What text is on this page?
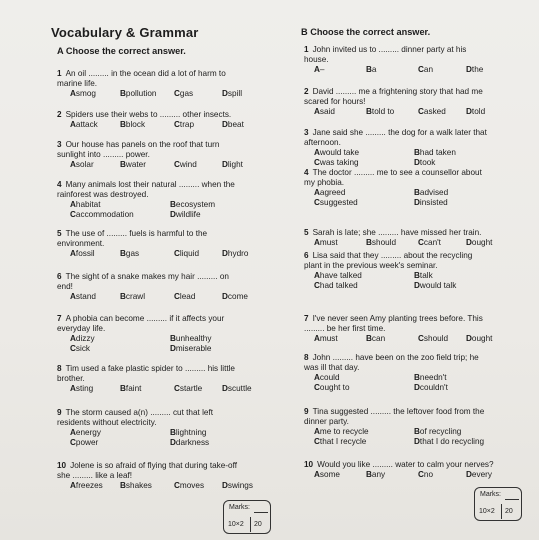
Vocabulary & Grammar
A Choose the correct answer.
B Choose the correct answer.
1 An oil ......... in the ocean did a lot of harm to
marine life.
Asmog	Bpollution Cgas	Dspill
2 Spiders use their webs to ......... other insects.
Aattack	Bblock	Ctrap	Dbeat
3 Our house has panels on the roof that turn
sunlight into ......... power.
Asolar	Bwater	Cwind	Dlight
4 Many animals lost their natural ......... when the
rainforest was destroyed.
Ahabitat	Becosystem
Caccommodation	Dwildlife
5 The use of ......... fuels is harmful to the
environment.
Afossil	Bgas	Cliquid	Dhydro
6 The sight of a snake makes my hair ......... on
end!
Astand	Bcrawl	Clead	Dcome
7 A phobia can become ......... if it affects your
everyday life.
Adizzy	Bunhealthy
Csick	Dmiserable
8 Tim used a fake plastic spider to ......... his little
brother.
Asting	Bfaint	Cstartle Dscuttle
9 The storm caused a(n) ......... cut that left
residents without electricity.
Aenergy	Blightning
Cpower	Ddarkness
10 Jolene is so afraid of flying that during take-off
she ......... like a leaf!
Afreezes Bshakes	Cmoves Dswings
1 John invited us to ......... dinner party at his
house.
A–	Ba	Can	Dthe
2 David ......... me a frightening story that had me
scared for hours!
Asaid	Btold to	Casked Dtold
3 Jane said she ......... the dog for a walk later that
afternoon.
Awould take	Bhad taken
Cwas taking	Dtook
4 The doctor ......... me to see a counsellor about
my phobia.
Aagreed	Badvised
Csuggested	Dinsisted
5 Sarah is late; she ......... have missed her train.
Amust	Bshould	Ccan't	Dought
6 Lisa said that they ......... about the recycling
plant in the previous week's seminar.
Ahave talked	Btalk
Chad talked	Dwould talk
7 I've never seen Amy planting trees before. This
......... be her first time.
Amust	Bcan	Cshould Dought
8 John ......... have been on the zoo field trip; he
was ill that day.
Acould	Bneedn't
Cought to	Dcouldn't
9 Tina suggested ......... the leftover food from the
dinner party.
Ame to recycle	Bof recycling
Cthat I recycle	Dthat I do recycling
10 Would you like ......... water to calm your nerves?
Asome	Bany	Cno	Devery
Marks:
10×2 20
Marks:
10×2 20
